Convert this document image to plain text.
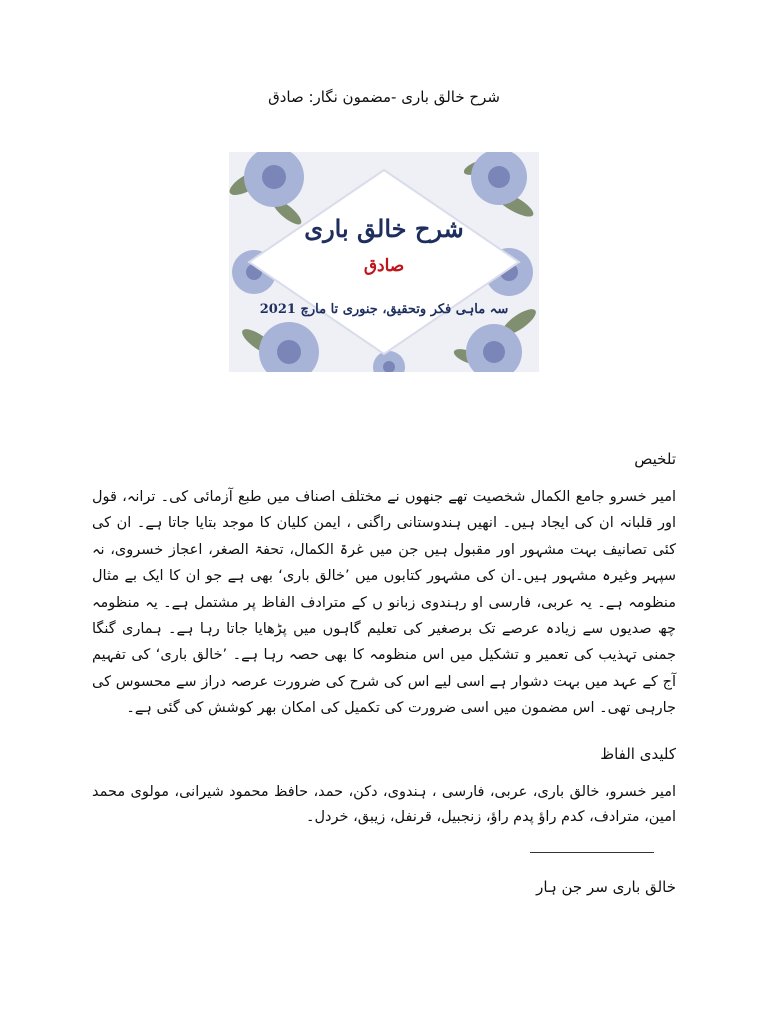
شرح خالق باری -مضمون نگار: صادق
شرح خالق باری
صادق
سہ ماہی فکر وتحقیق، جنوری تا مارچ 2021
تلخیص
امیر خسرو جامع الکمال شخصیت تھے جنھوں نے مختلف اصناف میں طبع آزمائی کی۔ ترانہ، قول اور قلبانہ ان کی ایجاد ہیں۔ انھیں ہندوستانی راگنی ، ایمن کلیان کا موجد بتایا جاتا ہے۔ ان کی کئی تصانیف بہت مشہور اور مقبول ہیں جن میں غرۃ الکمال، تحفۃ الصغر، اعجاز خسروی، نہ سپہر وغیرہ مشہور ہیں۔ان کی مشہور کتابوں میں ’خالق باری‘ بھی ہے جو ان کا ایک بے مثال منظومہ ہے۔ یہ عربی، فارسی او رہندوی زبانو ں کے مترادف الفاظ پر مشتمل ہے۔ یہ منظومہ چھ صدیوں سے زیادہ عرصے تک برصغیر کی تعلیم گاہوں میں پڑھایا جاتا رہا ہے۔ ہماری گنگا جمنی تہذیب کی تعمیر و تشکیل میں اس منظومہ کا بھی حصہ رہا ہے۔ ’خالق باری‘ کی تفہیم آج کے عہد میں بہت دشوار ہے اسی لیے اس کی شرح کی ضرورت عرصہ دراز سے محسوس کی جارہی تھی۔ اس مضمون میں اسی ضرورت کی تکمیل کی امکان بھر کوشش کی گئی ہے۔
کلیدی الفاظ
امیر خسرو، خالق باری، عربی، فارسی ، ہندوی، دکن، حمد، حافظ محمود شیرانی، مولوی محمد امین، مترادف، کدم راؤ پدم راؤ، زنجبیل، قرنفل، زیبق، خردل۔
خالق باری سر جن ہار
